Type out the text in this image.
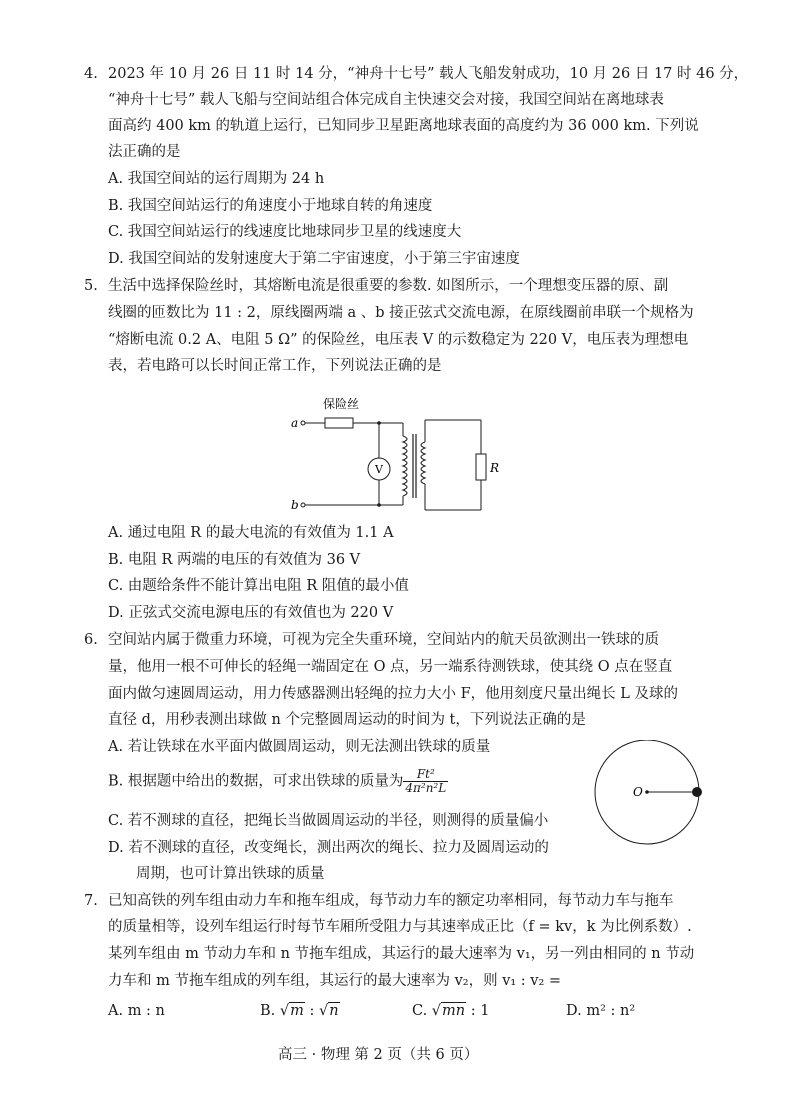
4. 2023 年 10 月 26 日 11 时 14 分，“神舟十七号” 载人飞船发射成功，10 月 26 日 17 时 46 分，
“神舟十七号” 载人飞船与空间站组合体完成自主快速交会对接，我国空间站在离地球表
面高约 400 km 的轨道上运行，已知同步卫星距离地球表面的高度约为 36 000 km. 下列说
法正确的是
A. 我国空间站的运行周期为 24 h
B. 我国空间站运行的角速度小于地球自转的角速度
C. 我国空间站运行的线速度比地球同步卫星的线速度大
D. 我国空间站的发射速度大于第二宇宙速度，小于第三宇宙速度
5. 生活中选择保险丝时，其熔断电流是很重要的参数. 如图所示，一个理想变压器的原、副
线圈的匝数比为 11 : 2，原线圈两端 a 、b 接正弦式交流电源，在原线圈前串联一个规格为
“熔断电流 0.2 A、电阻 5 Ω” 的保险丝，电压表 V 的示数稳定为 220 V，电压表为理想电
表，若电路可以长时间正常工作，下列说法正确的是
保险丝
a
V
b
R
A. 通过电阻 R 的最大电流的有效值为 1.1 A
B. 电阻 R 两端的电压的有效值为 36 V
C. 由题给条件不能计算出电阻 R 阻值的最小值
D. 正弦式交流电源电压的有效值也为 220 V
6. 空间站内属于微重力环境，可视为完全失重环境，空间站内的航天员欲测出一铁球的质
量，他用一根不可伸长的轻绳一端固定在 O 点，另一端系待测铁球，使其绕 O 点在竖直
面内做匀速圆周运动，用力传感器测出轻绳的拉力大小 F，他用刻度尺量出绳长 L 及球的
直径 d，用秒表测出球做 n 个完整圆周运动的时间为 t，下列说法正确的是
A. 若让铁球在水平面内做圆周运动，则无法测出铁球的质量
B. 根据题中给出的数据，可求出铁球的质量为 $\frac{\text{Ft²}}{\text{4π²n²L}}$
C. 若不测球的直径，把绳长当做圆周运动的半径，则测得的质量偏小
D. 若不测球的直径，改变绳长，测出两次的绳长、拉力及圆周运动的
周期，也可计算出铁球的质量
O
7. 已知高铁的列车组由动力车和拖车组成，每节动力车的额定功率相同，每节动力车与拖车
的质量相等，设列车组运行时每节车厢所受阻力与其速率成正比（f = kv，k 为比例系数）.
某列车组由 m 节动力车和 n 节拖车组成，其运行的最大速率为 v₁，另一列由相同的 n 节动
力车和 m 节拖车组成的列车组，其运行的最大速率为 v₂，则 v₁ : v₂ =
A. m : n	B. √m : √n	C. √mn : 1	D. m² : n²
高三 · 物理 第 2 页（共 6 页）
